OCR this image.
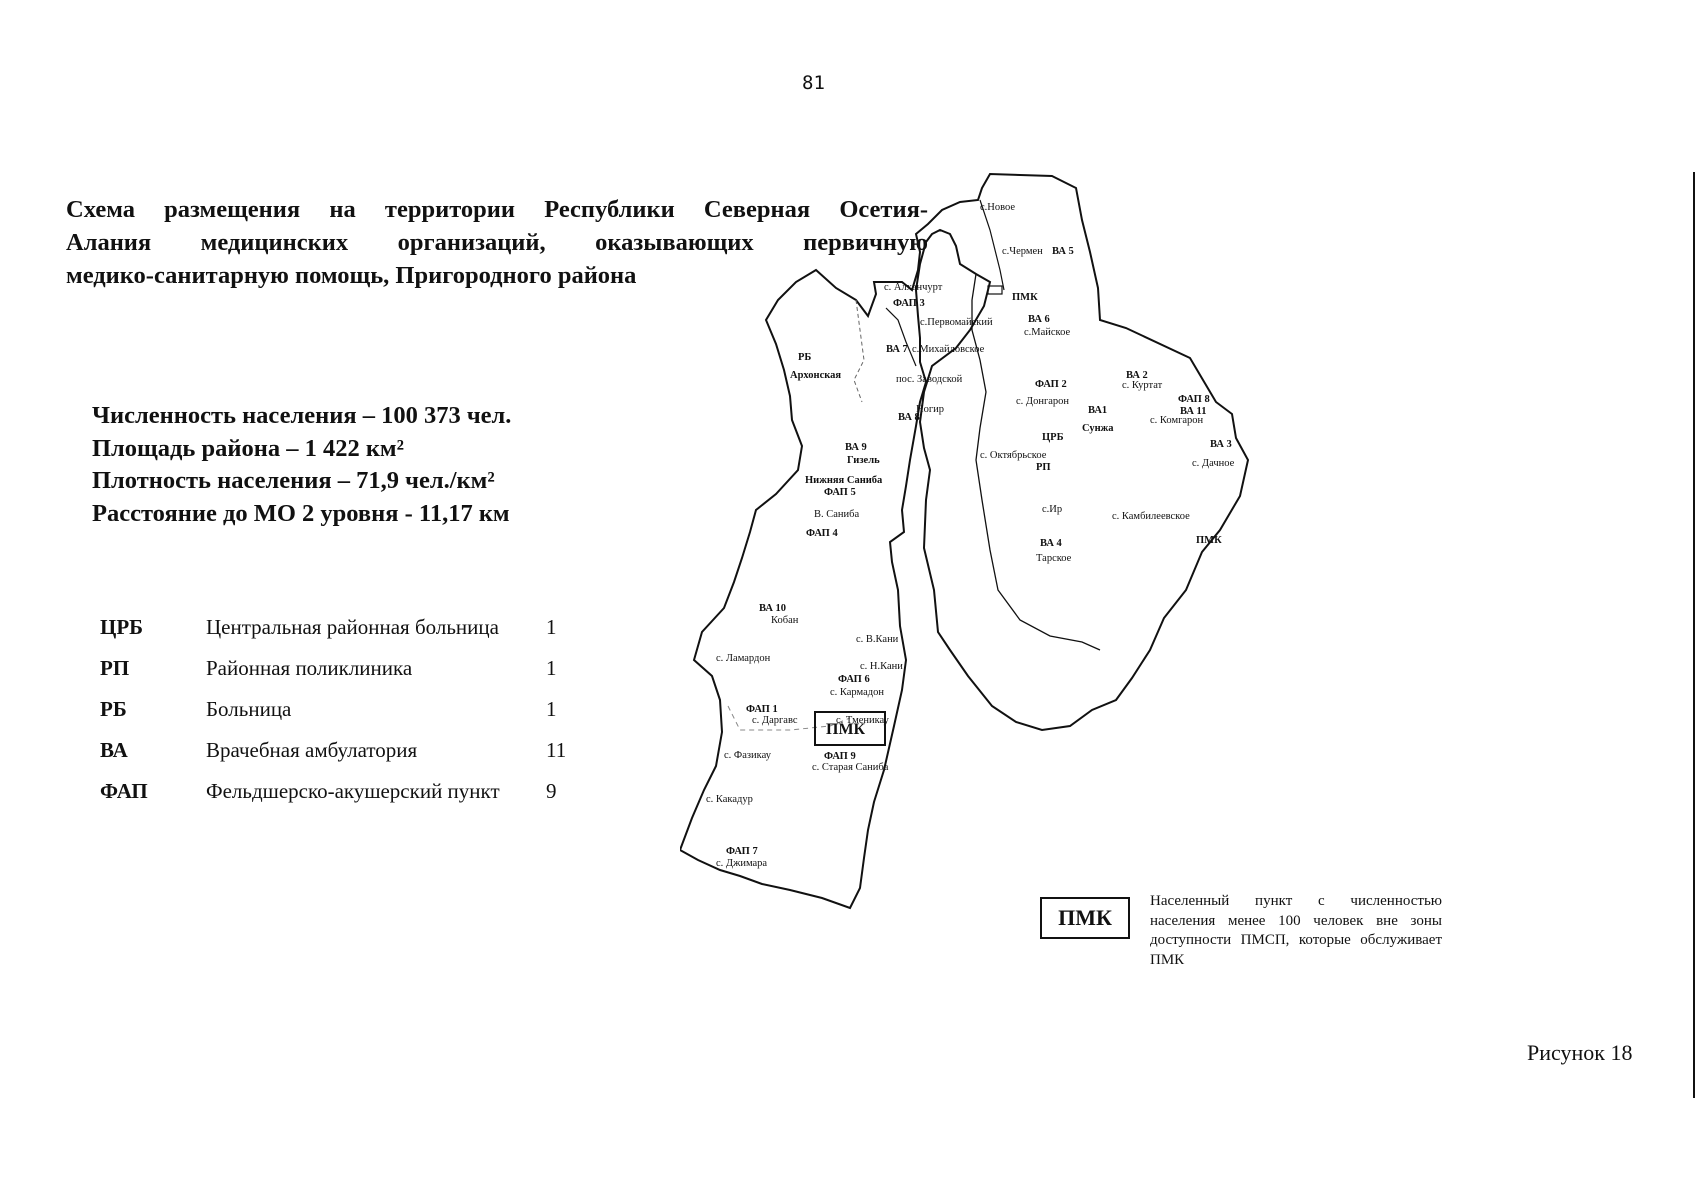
81
Схема размещения на территории Республики Северная Осетия-
Алания медицинских организаций, оказывающих первичную
медико-санитарную помощь, Пригородного района
Численность населения – 100 373 чел.
Площадь района – 1 422 км²
Плотность населения – 71,9 чел./км²
Расстояние до МО 2 уровня - 11,17 км
ЦРБ	Центральная районная больница	1
РП	Районная поликлиника	1
РБ	Больница	1
ВА	Врачебная амбулатория	11
ФАП	Фельдшерско-акушерский пункт	9
с.Новое
с.Чермен ВА 5
с. Алханчурт
ФАП 3
с.Первомайский	ВА 6
с.Майское
ВА 7 с.Михайловское
РБ
Архонская	пос. Заводской
Ногир
ВА 8
ФАП 2
с. Донгарон
ВА 2
с. Куртат
ФАП 8
ВА 11
с. Комгарон
ВА1
Сунжа
ЦРБ
с. Октябрьское
РП
ВА 3
с. Дачное
ВА 9
Гизель
Нижняя Саниба
ФАП 5
В. Саниба
ФАП 4
с.Ир
с. Камбилеевское
ВА 4
Тарское
ПМК
ПМК
ВА 10
Кобан
с. В.Кани
с. Ламардон
с. Н.Кани
ФАП 6
с. Кармадон
ФАП 1
с. Даргавс	с. Тменикау
ПМК
с. Фазикау	ФАП 9
с. Старая Саниба
с. Какадур
ФАП 7
с. Джимара
ПМК
Населенный пункт с численностью населения менее 100 человек вне зоны доступности ПМСП, которые обслуживает ПМК
Рисунок 18
